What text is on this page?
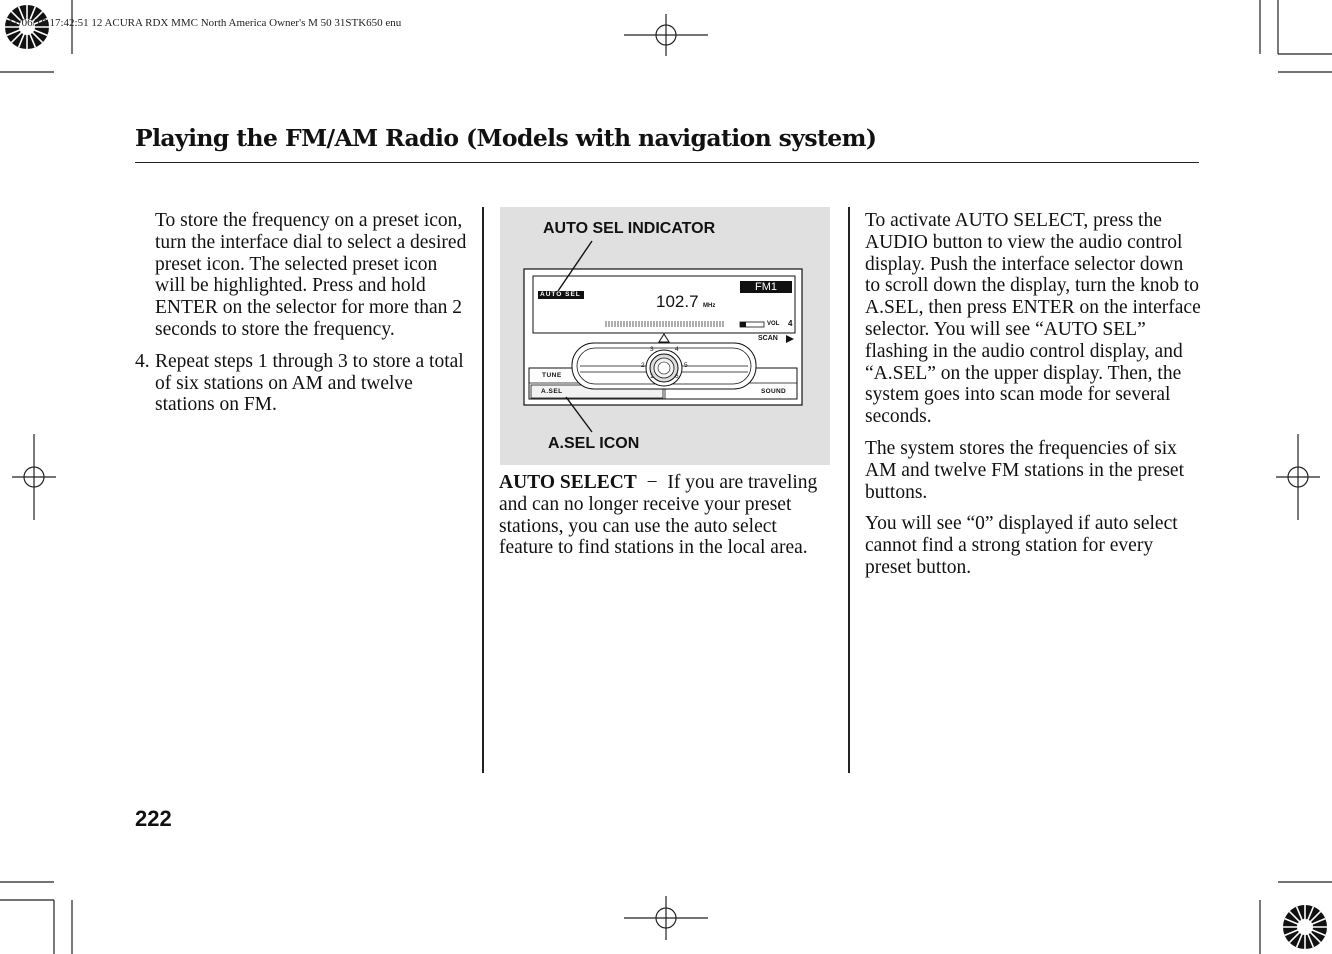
11/06/16 17:42:51 12 ACURA RDX MMC North America Owner's M 50 31STK650 enu
Playing the FM/AM Radio (Models with navigation system)

To store the frequency on a preset icon, turn the interface dial to select a desired preset icon. The selected preset icon will be highlighted. Press and hold ENTER on the selector for more than 2 seconds to store the frequency.

4. Repeat steps 1 through 3 to store a total of six stations on AM and twelve stations on FM.
AUTO SEL INDICATOR
A.SEL ICON
AUTO SEL
FM1
102.7 MHz
VOL 4
SCAN
TUNE
A.SEL	SOUND
1
2
3	4
5
6

AUTO SELECT − If you are traveling and can no longer receive your preset stations, you can use the auto select feature to find stations in the local area.

To activate AUTO SELECT, press the AUDIO button to view the audio control display. Push the interface selector down to scroll down the display, turn the knob to A.SEL, then press ENTER on the interface selector. You will see “AUTO SEL” flashing in the audio control display, and “A.SEL” on the upper display. Then, the system goes into scan mode for several seconds.

The system stores the frequencies of six AM and twelve FM stations in the preset buttons.

You will see “0” displayed if auto select cannot find a strong station for every preset button.

222
